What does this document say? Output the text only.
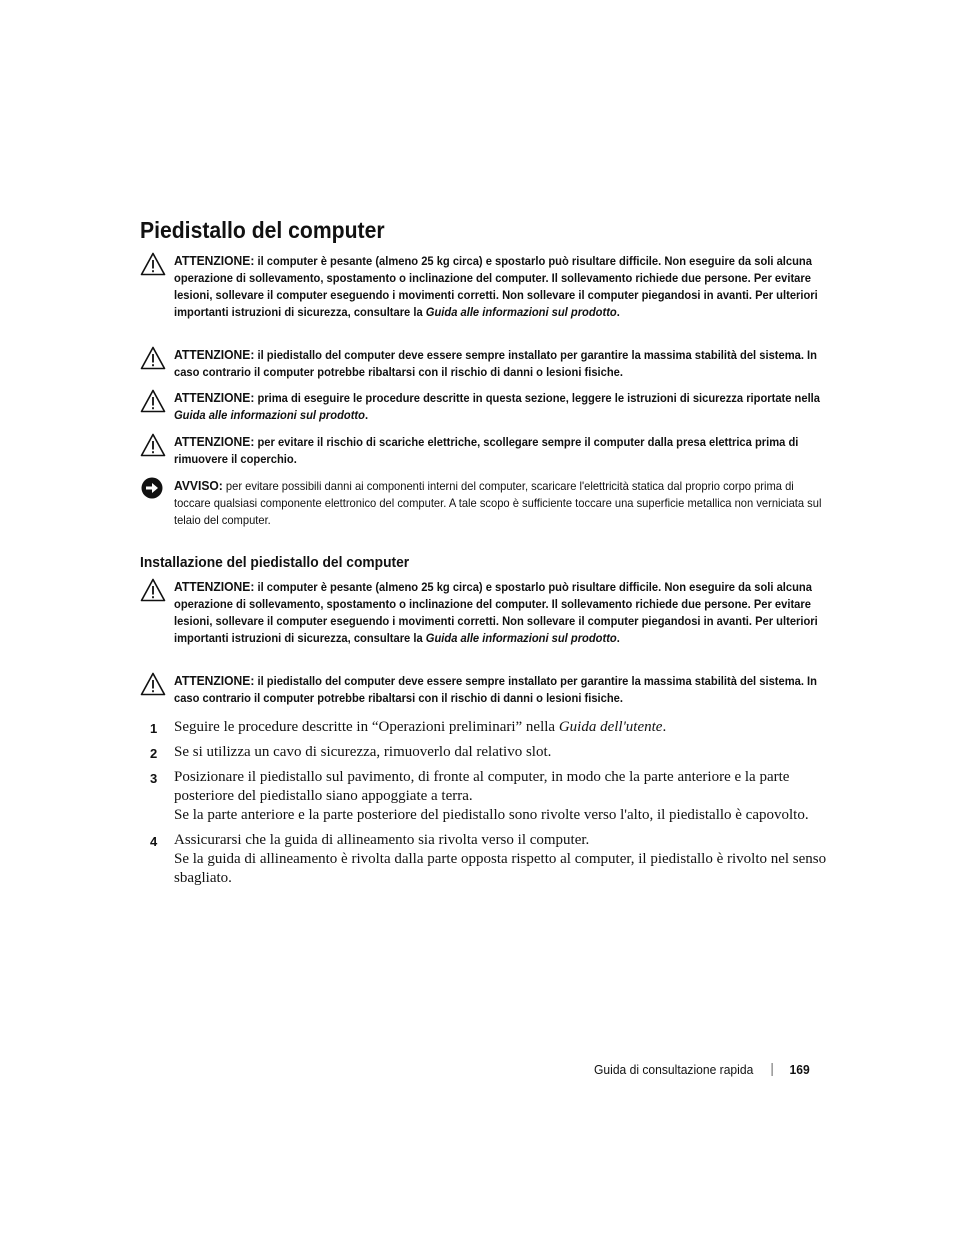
Piedistallo del computer
ATTENZIONE: il computer è pesante (almeno 25 kg circa) e spostarlo può risultare difficile. Non eseguire da soli alcuna operazione di sollevamento, spostamento o inclinazione del computer. Il sollevamento richiede due persone. Per evitare lesioni, sollevare il computer eseguendo i movimenti corretti. Non sollevare il computer piegandosi in avanti. Per ulteriori importanti istruzioni di sicurezza, consultare la Guida alle informazioni sul prodotto.
ATTENZIONE: il piedistallo del computer deve essere sempre installato per garantire la massima stabilità del sistema. In caso contrario il computer potrebbe ribaltarsi con il rischio di danni o lesioni fisiche.
ATTENZIONE: prima di eseguire le procedure descritte in questa sezione, leggere le istruzioni di sicurezza riportate nella Guida alle informazioni sul prodotto.
ATTENZIONE: per evitare il rischio di scariche elettriche, scollegare sempre il computer dalla presa elettrica prima di rimuovere il coperchio.
AVVISO: per evitare possibili danni ai componenti interni del computer, scaricare l'elettricità statica dal proprio corpo prima di toccare qualsiasi componente elettronico del computer. A tale scopo è sufficiente toccare una superficie metallica non verniciata sul telaio del computer.
Installazione del piedistallo del computer
ATTENZIONE: il computer è pesante (almeno 25 kg circa) e spostarlo può risultare difficile. Non eseguire da soli alcuna operazione di sollevamento, spostamento o inclinazione del computer. Il sollevamento richiede due persone. Per evitare lesioni, sollevare il computer eseguendo i movimenti corretti. Non sollevare il computer piegandosi in avanti. Per ulteriori importanti istruzioni di sicurezza, consultare la Guida alle informazioni sul prodotto.
ATTENZIONE: il piedistallo del computer deve essere sempre installato per garantire la massima stabilità del sistema. In caso contrario il computer potrebbe ribaltarsi con il rischio di danni o lesioni fisiche.
1 Seguire le procedure descritte in “Operazioni preliminari” nella Guida dell'utente.
2 Se si utilizza un cavo di sicurezza, rimuoverlo dal relativo slot.
3 Posizionare il piedistallo sul pavimento, di fronte al computer, in modo che la parte anteriore e la parte posteriore del piedistallo siano appoggiate a terra.
Se la parte anteriore e la parte posteriore del piedistallo sono rivolte verso l'alto, il piedistallo è capovolto.
4 Assicurarsi che la guida di allineamento sia rivolta verso il computer.
Se la guida di allineamento è rivolta dalla parte opposta rispetto al computer, il piedistallo è rivolto nel senso sbagliato.
Guida di consultazione rapida	169
